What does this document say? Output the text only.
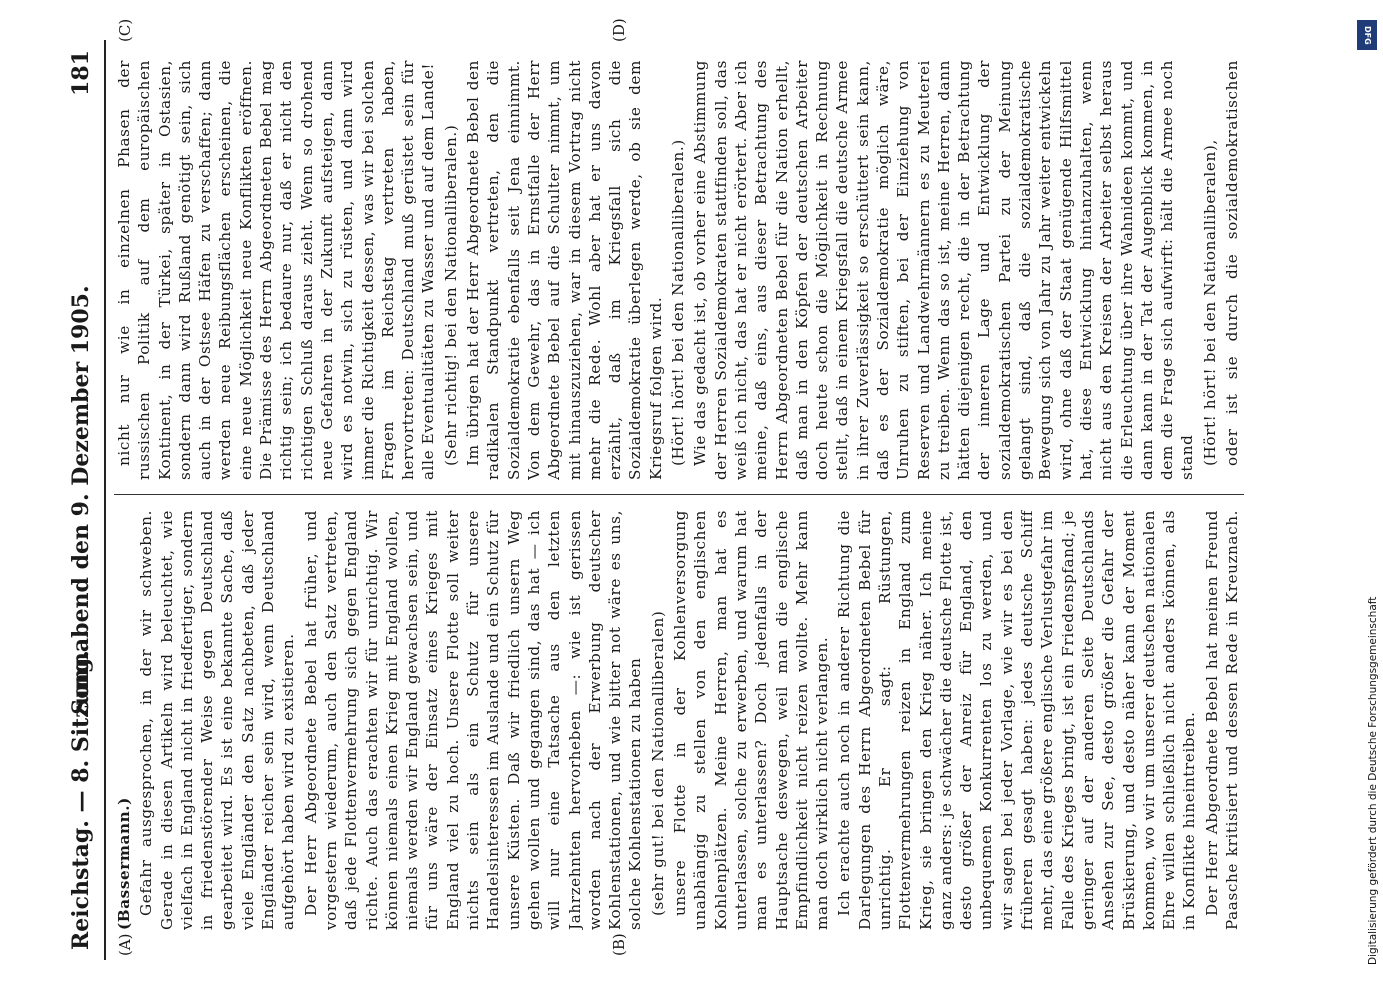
Reichstag. — 8. Sitzung.
Sonnabend den 9. Dezember 1905.
181
(A)	(B)
(C)	(D)

(Bassermann.) Gefahr ausgesprochen, in der wir schweben. Gerade in diesen Artikeln wird beleuchtet, wie vielfach in England nicht in friedfertiger, sondern in friedenstörender Weise gegen Deutschland gearbeitet wird. Es ist eine bekannte Sache, daß viele Engländer den Satz nachbeten, daß jeder Engländer reicher sein wird, wenn Deutschland aufgehört haben wird zu existieren. Der Herr Abgeordnete Bebel hat früher, und vorgestern wiederum, auch den Satz vertreten, daß jede Flottenvermehrung sich gegen England richte. Auch das erachten wir für unrichtig. Wir können niemals einen Krieg mit England wollen, niemals werden wir England gewachsen sein, und für uns wäre der Einsatz eines Krieges mit England viel zu hoch. Unsere Flotte soll weiter nichts sein als ein Schutz für unsere Handelsinteressen im Auslande und ein Schutz für unsere Küsten. Daß wir friedlich unsern Weg gehen wollen und gegangen sind, das hat — ich will nur eine Tatsache aus den letzten Jahrzehnten hervorheben —: wie ist gerissen worden nach der Erwerbung deutscher Kohlenstationen, und wie bitter not wäre es uns, solche Kohlenstationen zu haben (sehr gut! bei den Nationalliberalen) unsere Flotte in der Kohlenversorgung unabhängig zu stellen von den englischen Kohlenplätzen. Meine Herren, man hat es unterlassen, solche zu erwerben, und warum hat man es unterlassen? Doch jedenfalls in der Hauptsache deswegen, weil man die englische Empfindlichkeit nicht reizen wollte. Mehr kann man doch wirklich nicht verlangen. Ich erachte auch noch in anderer Richtung die Darlegungen des Herrn Abgeordneten Bebel für unrichtig. Er sagt: Rüstungen, Flottenvermehrungen reizen in England zum Krieg, sie bringen den Krieg näher. Ich meine ganz anders: je schwächer die deutsche Flotte ist, desto größer der Anreiz für England, den unbequemen Konkurrenten los zu werden, und wir sagen bei jeder Vorlage, wie wir es bei den früheren gesagt haben: jedes deutsche Schiff mehr, das eine größere englische Verlustgefahr im Falle des Krieges bringt, ist ein Friedenspfand; je geringer auf der anderen Seite Deutschlands Ansehen zur See, desto größer die Gefahr der Brüskierung, und desto näher kann der Moment kommen, wo wir um unserer deutschen nationalen Ehre willen schließlich nicht anders können, als in Konflikte hineintreiben. Der Herr Abgeordnete Bebel hat meinen Freund Paasche kritisiert und dessen Rede in Kreuznach.

nicht nur wie in einzelnen Phasen der russischen Politik auf dem europäischen Kontinent, in der Türkei, später in Ostasien, sondern dann wird Rußland genötigt sein, sich auch in der Ostsee Häfen zu verschaffen; dann werden neue Reibungsflächen erscheinen, die eine neue Möglichkeit neue Konflikten eröffnen. Die Prämisse des Herrn Abgeordneten Bebel mag richtig sein; ich bedaure nur, daß er nicht den richtigen Schluß daraus zieht. Wenn so drohend neue Gefahren in der Zukunft aufsteigen, dann wird es notwin, sich zu rüsten, und dann wird immer die Richtigkeit dessen, was wir bei solchen Fragen im Reichstag vertreten haben, hervortreten: Deutschland muß gerüstet sein für alle Eventualitäten zu Wasser und auf dem Lande! (Sehr richtig! bei den Nationalliberalen.) Im übrigen hat der Herr Abgeordnete Bebel den radikalen Standpunkt vertreten, den die Sozialdemokratie ebenfalls seit Jena einnimmt. Von dem Gewehr, das in Ernstfalle der Herr Abgeordnete Bebel auf die Schulter nimmt, um mit hinauszuziehen, war in diesem Vortrag nicht mehr die Rede. Wohl aber hat er uns davon erzählt, daß im Kriegsfall sich die Sozialdemokratie überlegen werde, ob sie dem Kriegsruf folgen wird. (Hört! hört! bei den Nationalliberalen.) Wie das gedacht ist, ob vorher eine Abstimmung der Herren Sozialdemokraten stattfinden soll, das weiß ich nicht, das hat er nicht erörtert. Aber ich meine, daß eins, aus dieser Betrachtung des Herrn Abgeordneten Bebel für die Nation erhellt, daß man in den Köpfen der deutschen Arbeiter doch heute schon die Möglichkeit in Rechnung stellt, daß in einem Kriegsfall die deutsche Armee in ihrer Zuverlässigkeit so erschüttert sein kann, daß es der Sozialdemokratie möglich wäre, Unruhen zu stiften, bei der Einziehung von Reserven und Landwehrmännern es zu Meuterei zu treiben. Wenn das so ist, meine Herren, dann hätten diejenigen recht, die in der Betrachtung der inneren Lage und Entwicklung der sozialdemokratischen Partei zu der Meinung gelangt sind, daß die sozialdemokratische Bewegung sich von Jahr zu Jahr weiter entwickeln wird, ohne daß der Staat genügende Hilfsmittel hat, diese Entwicklung hintanzuhalten, wenn nicht aus den Kreisen der Arbeiter selbst heraus die Erleuchtung über ihre Wahnideen kommt, und dann kann in der Tat der Augenblick kommen, in dem die Frage sich aufwirft: hält die Armee noch stand (Hört! hört! bei den Nationalliberalen), oder ist sie durch die sozialdemokratischen

DFG
Digitalisierung gefördert durch die Deutsche Forschungsgemeinschaft
